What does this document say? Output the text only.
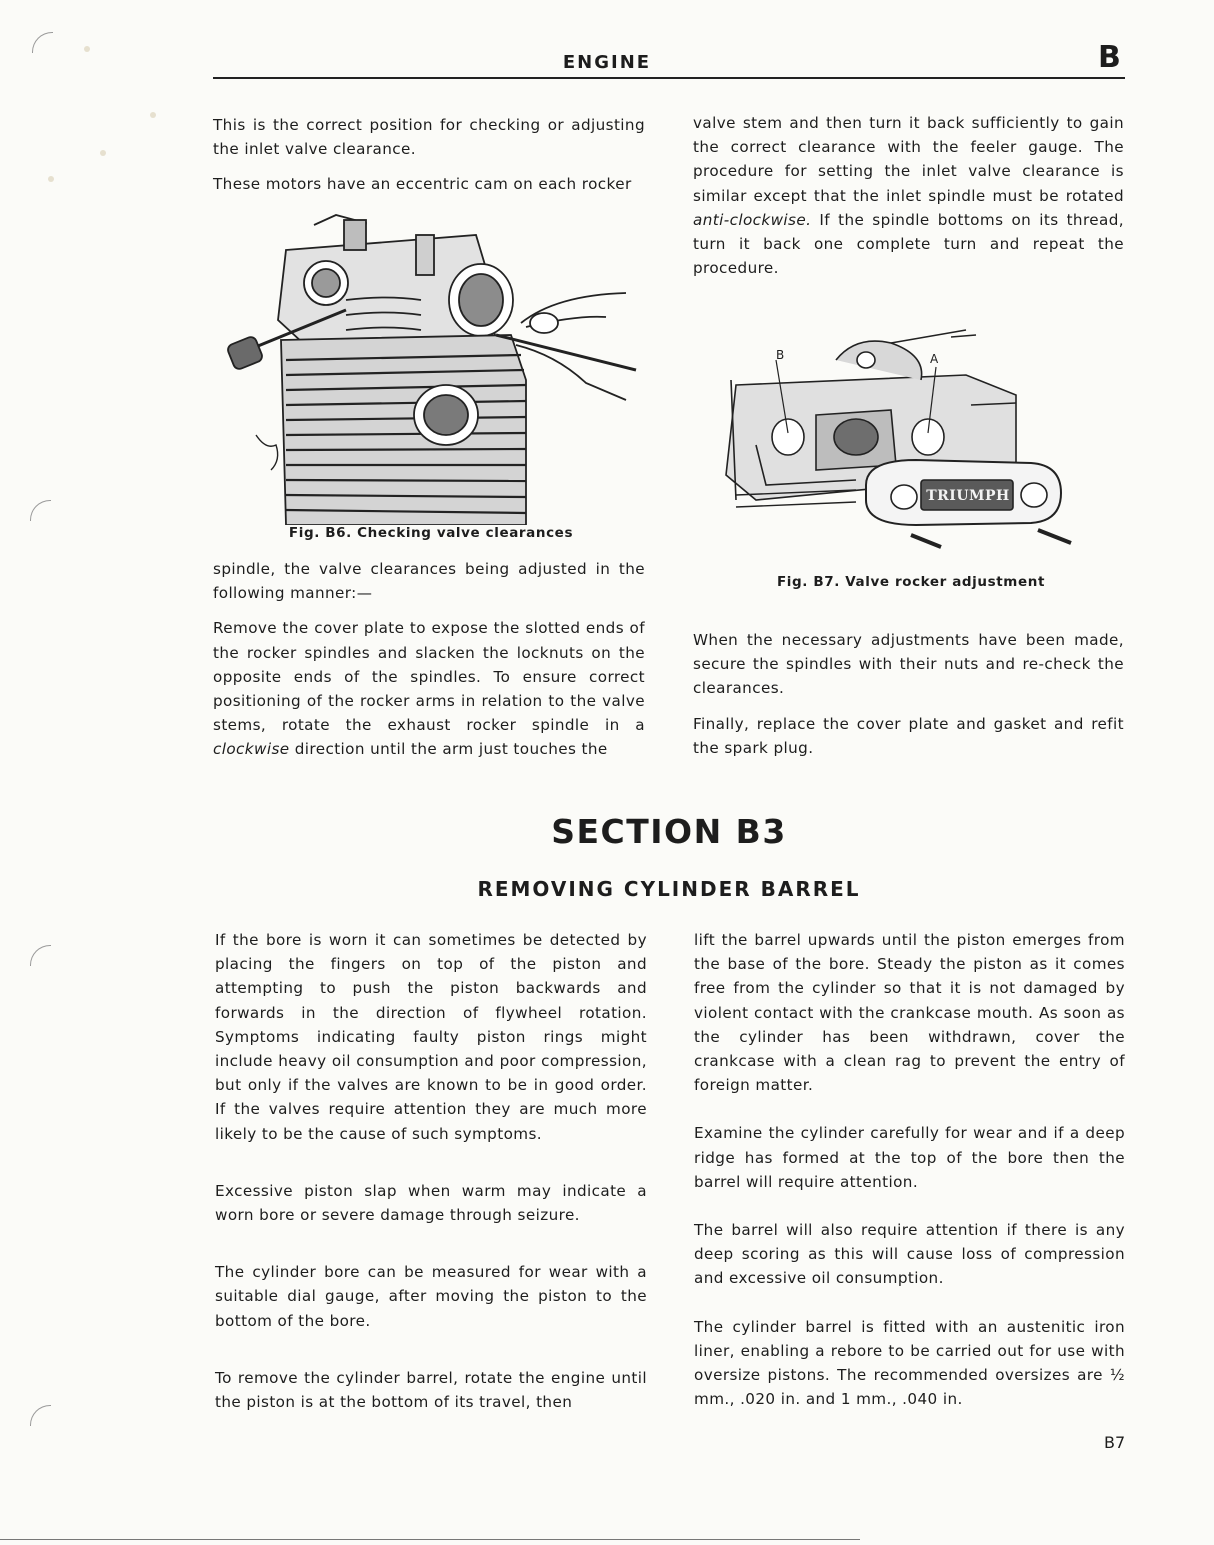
ENGINE	B

This is the correct position for checking or adjusting the inlet valve clearance.

These motors have an eccentric cam on each rocker

Fig. B6. Checking valve clearances

spindle, the valve clearances being adjusted in the following manner:—

Remove the cover plate to expose the slotted ends of the rocker spindles and slacken the locknuts on the opposite ends of the spindles. To ensure correct positioning of the rocker arms in relation to the valve stems, rotate the exhaust rocker spindle in a clockwise direction until the arm just touches the

valve stem and then turn it back sufficiently to gain the correct clearance with the feeler gauge. The procedure for setting the inlet valve clearance is similar except that the inlet spindle must be rotated anti-clockwise. If the spindle bottoms on its thread, turn it back one complete turn and repeat the procedure.

B	A
TRIUMPH
Fig. B7. Valve rocker adjustment

When the necessary adjustments have been made, secure the spindles with their nuts and re-check the clearances.

Finally, replace the cover plate and gasket and refit the spark plug.

SECTION B3
REMOVING CYLINDER BARREL

If the bore is worn it can sometimes be detected by placing the fingers on top of the piston and attempting to push the piston backwards and forwards in the direction of flywheel rotation. Symptoms indicating faulty piston rings might include heavy oil consumption and poor compression, but only if the valves are known to be in good order. If the valves require attention they are much more likely to be the cause of such symptoms.

Excessive piston slap when warm may indicate a worn bore or severe damage through seizure.

The cylinder bore can be measured for wear with a suitable dial gauge, after moving the piston to the bottom of the bore.

To remove the cylinder barrel, rotate the engine until the piston is at the bottom of its travel, then

lift the barrel upwards until the piston emerges from the base of the bore. Steady the piston as it comes free from the cylinder so that it is not damaged by violent contact with the crankcase mouth. As soon as the cylinder has been withdrawn, cover the crankcase with a clean rag to prevent the entry of foreign matter.

Examine the cylinder carefully for wear and if a deep ridge has formed at the top of the bore then the barrel will require attention.

The barrel will also require attention if there is any deep scoring as this will cause loss of compression and excessive oil consumption.

The cylinder barrel is fitted with an austenitic iron liner, enabling a rebore to be carried out for use with oversize pistons. The recommended oversizes are ½ mm., .020 in. and 1 mm., .040 in.

B7
